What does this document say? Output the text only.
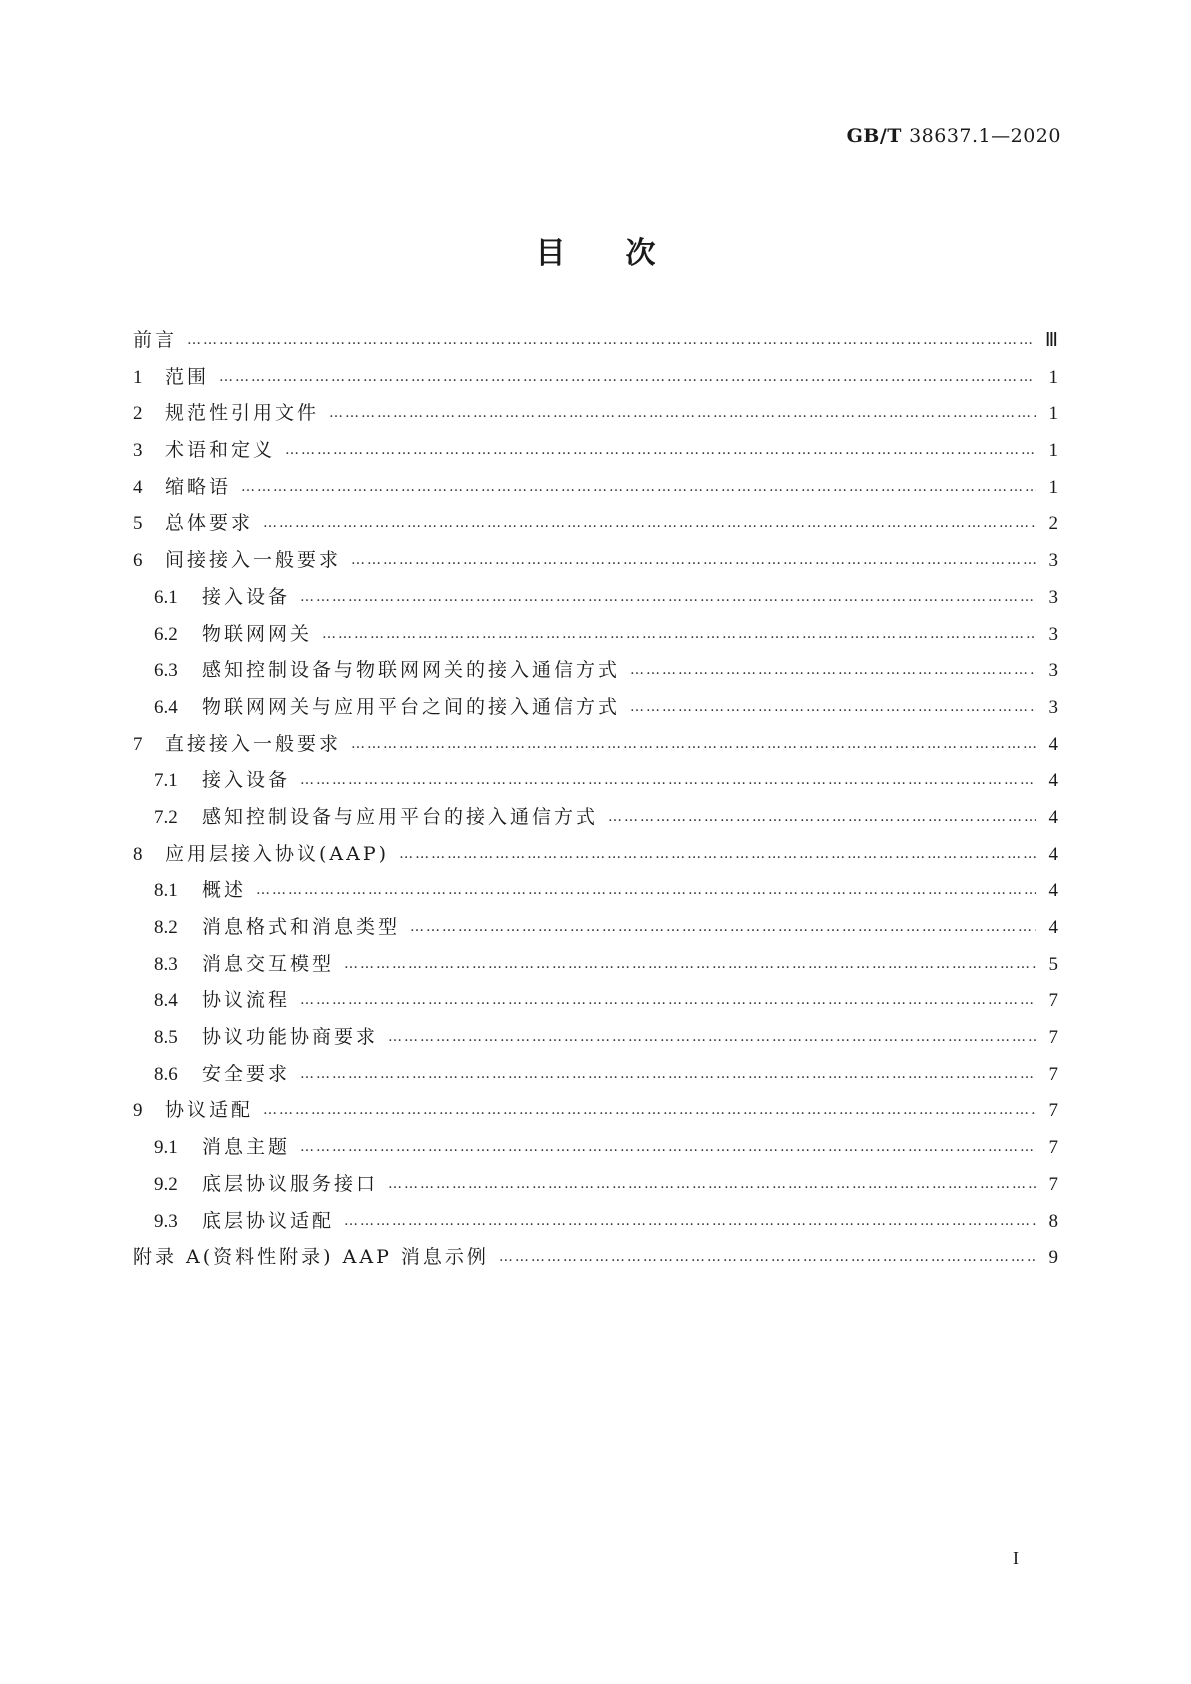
GB/T 38637.1—2020
目次
前言 …………………………………………………………………………………………………………………………………………………………………………………………………………………………………………………………………………	Ⅲ
1	范围 …………………………………………………………………………………………………………………………………………………………………………………………………………………………………………………………………………	1
2	规范性引用文件 …………………………………………………………………………………………………………………………………………………………………………………………………………………………………………………………………………	1
3	术语和定义 …………………………………………………………………………………………………………………………………………………………………………………………………………………………………………………………………………	1
4	缩略语 …………………………………………………………………………………………………………………………………………………………………………………………………………………………………………………………………………	1
5	总体要求 …………………………………………………………………………………………………………………………………………………………………………………………………………………………………………………………………………	2
6	间接接入一般要求 …………………………………………………………………………………………………………………………………………………………………………………………………………………………………………………………………………	3
6.1	接入设备 …………………………………………………………………………………………………………………………………………………………………………………………………………………………………………………………………………	3
6.2	物联网网关 …………………………………………………………………………………………………………………………………………………………………………………………………………………………………………………………………………	3
6.3	感知控制设备与物联网网关的接入通信方式 …………………………………………………………………………………………………………………………………………………………………………………………………………………………………………………………………………	3
6.4	物联网网关与应用平台之间的接入通信方式 …………………………………………………………………………………………………………………………………………………………………………………………………………………………………………………………………………	3
7	直接接入一般要求 …………………………………………………………………………………………………………………………………………………………………………………………………………………………………………………………………………	4
7.1	接入设备 …………………………………………………………………………………………………………………………………………………………………………………………………………………………………………………………………………	4
7.2	感知控制设备与应用平台的接入通信方式 …………………………………………………………………………………………………………………………………………………………………………………………………………………………………………………………………………	4
8	应用层接入协议(AAP) …………………………………………………………………………………………………………………………………………………………………………………………………………………………………………………………………………	4
8.1	概述 …………………………………………………………………………………………………………………………………………………………………………………………………………………………………………………………………………	4
8.2	消息格式和消息类型 …………………………………………………………………………………………………………………………………………………………………………………………………………………………………………………………………………	4
8.3	消息交互模型 …………………………………………………………………………………………………………………………………………………………………………………………………………………………………………………………………………	5
8.4	协议流程 …………………………………………………………………………………………………………………………………………………………………………………………………………………………………………………………………………	7
8.5	协议功能协商要求 …………………………………………………………………………………………………………………………………………………………………………………………………………………………………………………………………………	7
8.6	安全要求 …………………………………………………………………………………………………………………………………………………………………………………………………………………………………………………………………………	7
9	协议适配 …………………………………………………………………………………………………………………………………………………………………………………………………………………………………………………………………………	7
9.1	消息主题 …………………………………………………………………………………………………………………………………………………………………………………………………………………………………………………………………………	7
9.2	底层协议服务接口 …………………………………………………………………………………………………………………………………………………………………………………………………………………………………………………………………………	7
9.3	底层协议适配 …………………………………………………………………………………………………………………………………………………………………………………………………………………………………………………………………………	8
附录 A(资料性附录) AAP 消息示例 …………………………………………………………………………………………………………………………………………………………………………………………………………………………………………………………………………	9
I
